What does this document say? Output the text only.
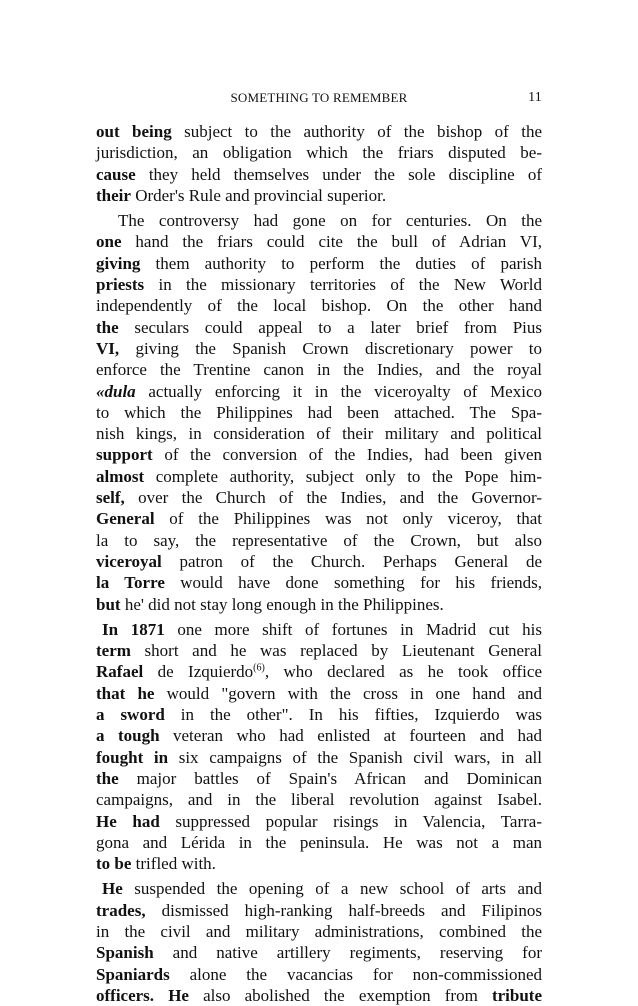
SOMETHING TO REMEMBER	11
out being subject to the authority of the bishop of the
jurisdiction, an obligation which the friars disputed be-
cause they held themselves under the sole discipline of
their Order's Rule and provincial superior.
The controversy had gone on for centuries. On the
one hand the friars could cite the bull of Adrian VI,
giving them authority to perform the duties of parish
priests in the missionary territories of the New World
independently of the local bishop. On the other hand
the seculars could appeal to a later brief from Pius
VI, giving the Spanish Crown discretionary power to
enforce the Trentine canon in the Indies, and the royal
«dula actually enforcing it in the viceroyalty of Mexico
to which the Philippines had been attached. The Spa-
nish kings, in consideration of their military and political
support of the conversion of the Indies, had been given
almost complete authority, subject only to the Pope him-
self, over the Church of the Indies, and the Governor-
General of the Philippines was not only viceroy, that
la to say, the representative of the Crown, but also
viceroyal patron of the Church. Perhaps General de
la Torre would have done something for his friends,
but he' did not stay long enough in the Philippines.
In 1871 one more shift of fortunes in Madrid cut his
term short and he was replaced by Lieutenant General
Rafael de Izquierdo$^{(6)}$, who declared as he took office
that he would "govern with the cross in one hand and
a sword in the other". In his fifties, Izquierdo was
a tough veteran who had enlisted at fourteen and had
fought in six campaigns of the Spanish civil wars, in all
the major battles of Spain's African and Dominican
campaigns, and in the liberal revolution against Isabel.
He had suppressed popular risings in Valencia, Tarra-
gona and Lérida in the peninsula. He was not a man
to be trifled with.
He suspended the opening of a new school of arts and
trades, dismissed high-ranking half-breeds and Filipinos
in the civil and military administrations, combined the
Spanish and native artillery regiments, reserving for
Spaniards alone the vacancias for non-commissioned
officers. He also abolished the exemption from tribute
